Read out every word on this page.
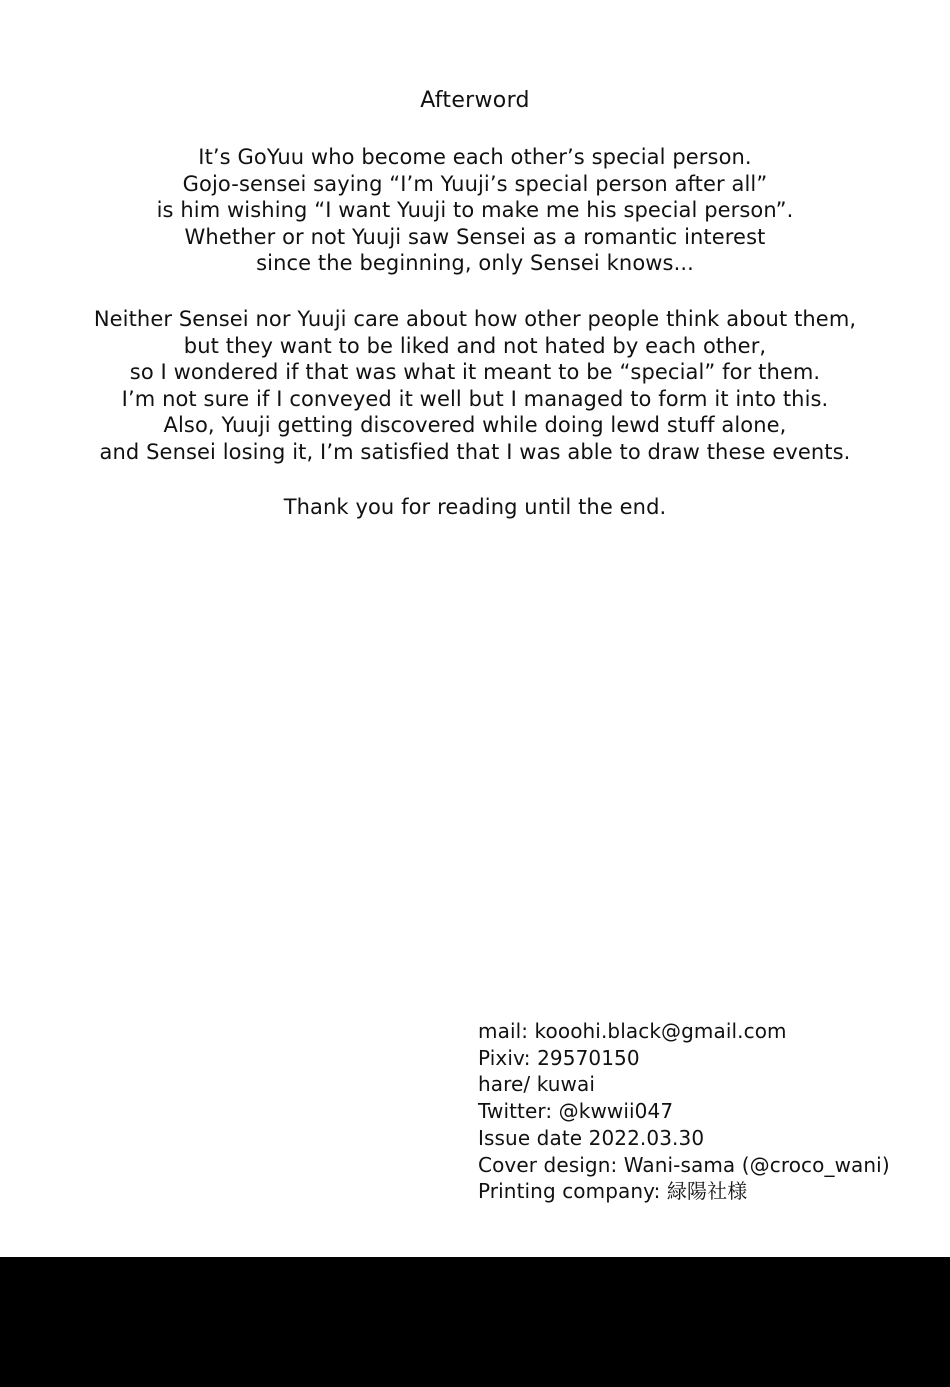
Afterword
It’s GoYuu who become each other’s special person.
Gojo-sensei saying “I’m Yuuji’s special person after all”
is him wishing “I want Yuuji to make me his special person”.
Whether or not Yuuji saw Sensei as a romantic interest
since the beginning, only Sensei knows...
Neither Sensei nor Yuuji care about how other people think about them,
but they want to be liked and not hated by each other,
so I wondered if that was what it meant to be “special” for them.
I’m not sure if I conveyed it well but I managed to form it into this.
Also, Yuuji getting discovered while doing lewd stuff alone,
and Sensei losing it, I’m satisfied that I was able to draw these events.
Thank you for reading until the end.
mail: kooohi.black@gmail.com
Pixiv: 29570150
hare/ kuwai
Twitter: @kwwii047
Issue date 2022.03.30
Cover design: Wani-sama (@croco_wani)
Printing company: 緑陽社様
